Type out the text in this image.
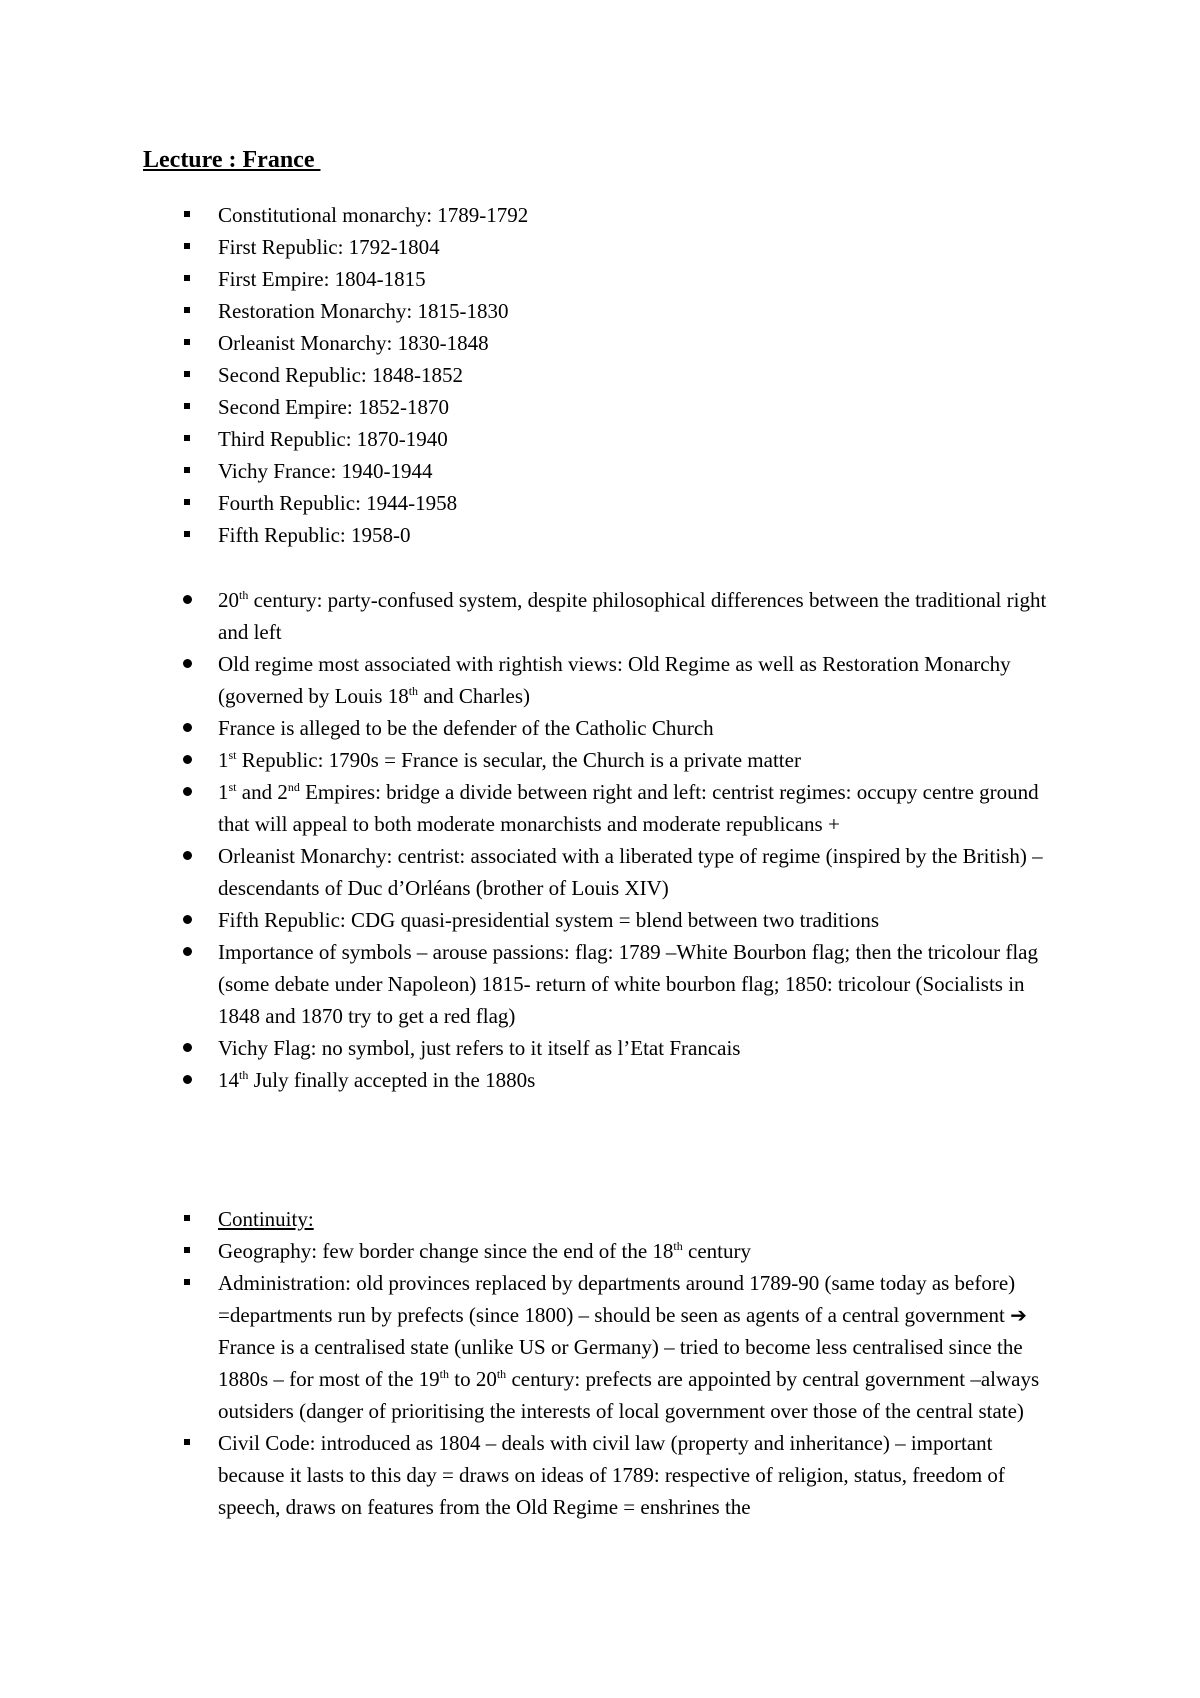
Lecture : France
Constitutional monarchy: 1789-1792
First Republic: 1792-1804
First Empire: 1804-1815
Restoration Monarchy: 1815-1830
Orleanist Monarchy: 1830-1848
Second Republic: 1848-1852
Second Empire: 1852-1870
Third Republic: 1870-1940
Vichy France: 1940-1944
Fourth Republic: 1944-1958
Fifth Republic: 1958-0
20th century: party-confused system, despite philosophical differences between the traditional right and left
Old regime most associated with rightish views: Old Regime as well as Restoration Monarchy (governed by Louis 18th and Charles)
France is alleged to be the defender of the Catholic Church
1st Republic: 1790s = France is secular, the Church is a private matter
1st and 2nd Empires: bridge a divide between right and left: centrist regimes: occupy centre ground that will appeal to both moderate monarchists and moderate republicans +
Orleanist Monarchy: centrist: associated with a liberated type of regime (inspired by the British) – descendants of Duc d’Orléans (brother of Louis XIV)
Fifth Republic: CDG quasi-presidential system = blend between two traditions
Importance of symbols – arouse passions: flag: 1789 –White Bourbon flag; then the tricolour flag (some debate under Napoleon) 1815- return of white bourbon flag; 1850: tricolour (Socialists in 1848 and 1870 try to get a red flag)
Vichy Flag: no symbol, just refers to it itself as l’Etat Francais
14th July finally accepted in the 1880s
Continuity:
Geography: few border change since the end of the 18th century
Administration: old provinces replaced by departments around 1789-90 (same today as before) =departments run by prefects (since 1800) – should be seen as agents of a central government ➔ France is a centralised state (unlike US or Germany) – tried to become less centralised since the 1880s – for most of the 19th to 20th century: prefects are appointed by central government –always outsiders (danger of prioritising the interests of local government over those of the central state)
Civil Code: introduced as 1804 – deals with civil law (property and inheritance) – important because it lasts to this day = draws on ideas of 1789: respective of religion, status, freedom of speech, draws on features from the Old Regime = enshrines the
